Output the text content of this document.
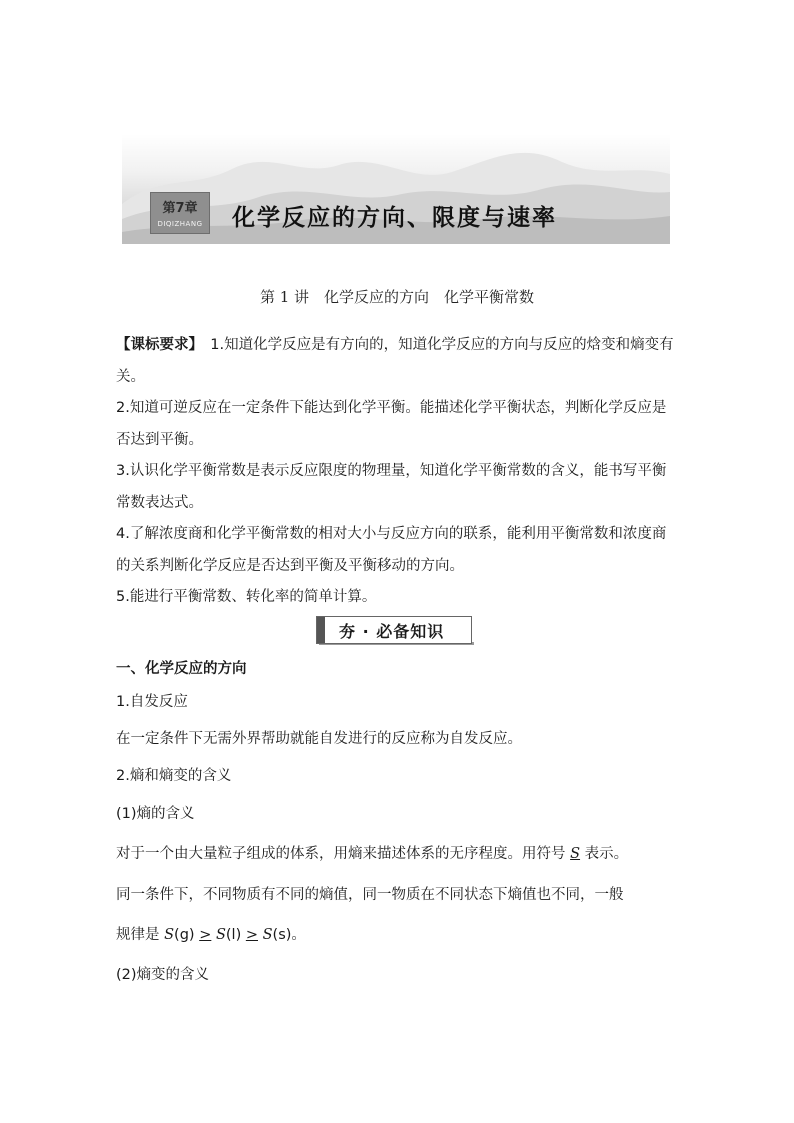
第7章
DIQIZHANG 化学反应的方向、限度与速率
第 1 讲　化学反应的方向　化学平衡常数

【课标要求】　1.知道化学反应是有方向的，知道化学反应的方向与反应的焓变和熵变有关。

2.知道可逆反应在一定条件下能达到化学平衡。能描述化学平衡状态，判断化学反应是否达到平衡。

3.认识化学平衡常数是表示反应限度的物理量，知道化学平衡常数的含义，能书写平衡常数表达式。

4.了解浓度商和化学平衡常数的相对大小与反应方向的联系，能利用平衡常数和浓度商的关系判断化学反应是否达到平衡及平衡移动的方向。

5.能进行平衡常数、转化率的简单计算。

夯 · 必备知识
一、化学反应的方向
1.自发反应
在一定条件下无需外界帮助就能自发进行的反应称为自发反应。
2.熵和熵变的含义
(1)熵的含义
对于一个由大量粒子组成的体系，用熵来描述体系的无序程度。用符号 S 表示。
同一条件下，不同物质有不同的熵值，同一物质在不同状态下熵值也不同，一般
规律是 S(g) > S(l) > S(s)。
(2)熵变的含义
